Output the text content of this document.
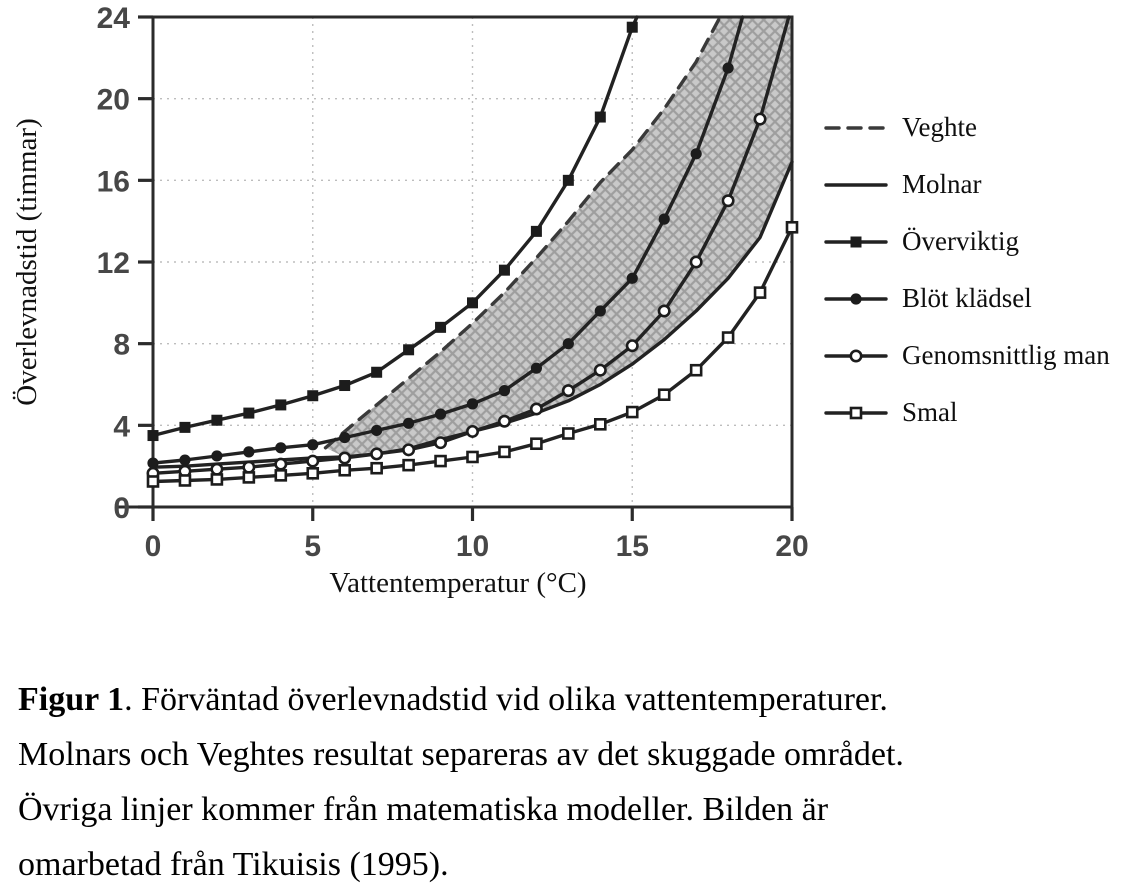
0	5	10	15	20
0
4
8
12
16
20
24
Överlevnadstid (timmar)
Vattentemperatur (°C)
Veghte
Molnar
Överviktig
Blöt klädsel
Genomsnittlig man
Smal
Figur 1. Förväntad överlevnadstid vid olika vattentemperaturer.
Molnars och Veghtes resultat separeras av det skuggade området.
Övriga linjer kommer från matematiska modeller. Bilden är
omarbetad från Tikuisis (1995).
